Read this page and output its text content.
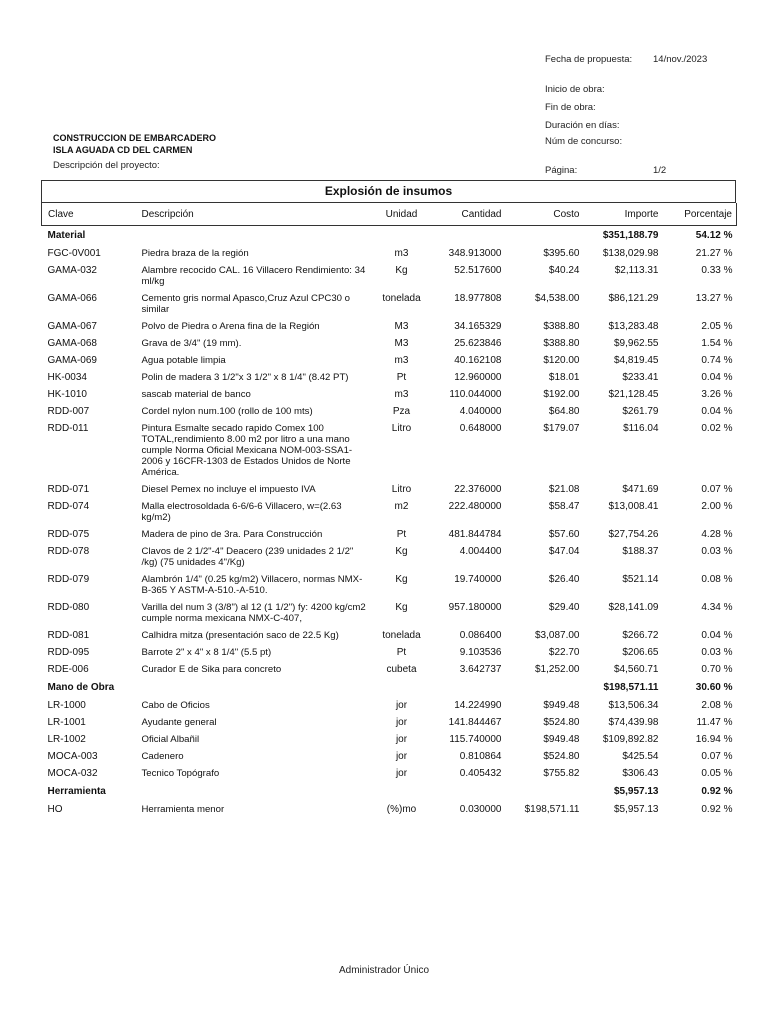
Fecha de propuesta: 14/nov./2023
Inicio de obra:
Fin de obra:
Duración en días:
Núm de concurso:
Página:	1/2
CONSTRUCCION DE EMBARCADERO
ISLA AGUADA CD DEL CARMEN
Descripción del proyecto:
Explosión de insumos
Clave	Descripción	Unidad	Cantidad	Costo	Importe	Porcentaje
Material					$351,188.79	54.12 %
FGC-0V001	Piedra braza de la región	m3	348.913000	$395.60	$138,029.98	21.27 %
GAMA-032	Alambre recocido CAL. 16 Villacero Rendimiento: 34 ml/kg	Kg	52.517600	$40.24	$2,113.31	0.33 %
GAMA-066	Cemento gris normal Apasco,Cruz Azul CPC30 o similar	tonelada	18.977808	$4,538.00	$86,121.29	13.27 %
GAMA-067	Polvo de Piedra o Arena fina de la Región	M3	34.165329	$388.80	$13,283.48	2.05 %
GAMA-068	Grava de 3/4" (19 mm).	M3	25.623846	$388.80	$9,962.55	1.54 %
GAMA-069	Agua potable limpia	m3	40.162108	$120.00	$4,819.45	0.74 %
HK-0034	Polin de madera 3 1/2"x 3 1/2" x 8 1/4" (8.42 PT)	Pt	12.960000	$18.01	$233.41	0.04 %
HK-1010	sascab material de banco	m3	110.044000	$192.00	$21,128.45	3.26 %
RDD-007	Cordel nylon num.100 (rollo de 100 mts)	Pza	4.040000	$64.80	$261.79	0.04 %
RDD-011	Pintura Esmalte secado rapido Comex 100 TOTAL,rendimiento 8.00 m2 por litro a una mano cumple Norma Oficial Mexicana NOM-003-SSA1-2006 y 16CFR-1303 de Estados Unidos de Norte América.	Litro	0.648000	$179.07	$116.04	0.02 %
RDD-071	Diesel Pemex no incluye el impuesto IVA	Litro	22.376000	$21.08	$471.69	0.07 %
RDD-074	Malla electrosoldada 6-6/6-6 Villacero, w=(2.63 kg/m2)	m2	222.480000	$58.47	$13,008.41	2.00 %
RDD-075	Madera de pino de 3ra. Para Construcción	Pt	481.844784	$57.60	$27,754.26	4.28 %
RDD-078	Clavos de 2 1/2"-4" Deacero (239 unidades 2 1/2" /kg) (75 unidades 4"/Kg)	Kg	4.004400	$47.04	$188.37	0.03 %
RDD-079	Alambrón 1/4" (0.25 kg/m2) Villacero, normas NMX-B-365 Y ASTM-A-510.-A-510.	Kg	19.740000	$26.40	$521.14	0.08 %
RDD-080	Varilla del num 3 (3/8") al 12 (1 1/2") fy: 4200 kg/cm2 cumple norma mexicana NMX-C-407,	Kg	957.180000	$29.40	$28,141.09	4.34 %
RDD-081	Calhidra mitza (presentación saco de 22.5 Kg)	tonelada	0.086400	$3,087.00	$266.72	0.04 %
RDD-095	Barrote 2" x 4" x 8 1/4" (5.5 pt)	Pt	9.103536	$22.70	$206.65	0.03 %
RDE-006	Curador E de Sika para concreto	cubeta	3.642737	$1,252.00	$4,560.71	0.70 %
Mano de Obra					$198,571.11	30.60 %
LR-1000	Cabo de Oficios	jor	14.224990	$949.48	$13,506.34	2.08 %
LR-1001	Ayudante general	jor	141.844467	$524.80	$74,439.98	11.47 %
LR-1002	Oficial Albañil	jor	115.740000	$949.48	$109,892.82	16.94 %
MOCA-003	Cadenero	jor	0.810864	$524.80	$425.54	0.07 %
MOCA-032	Tecnico Topógrafo	jor	0.405432	$755.82	$306.43	0.05 %
Herramienta					$5,957.13	0.92 %
HO	Herramienta menor	(%)mo	0.030000	$198,571.11	$5,957.13	0.92 %
Administrador Único
